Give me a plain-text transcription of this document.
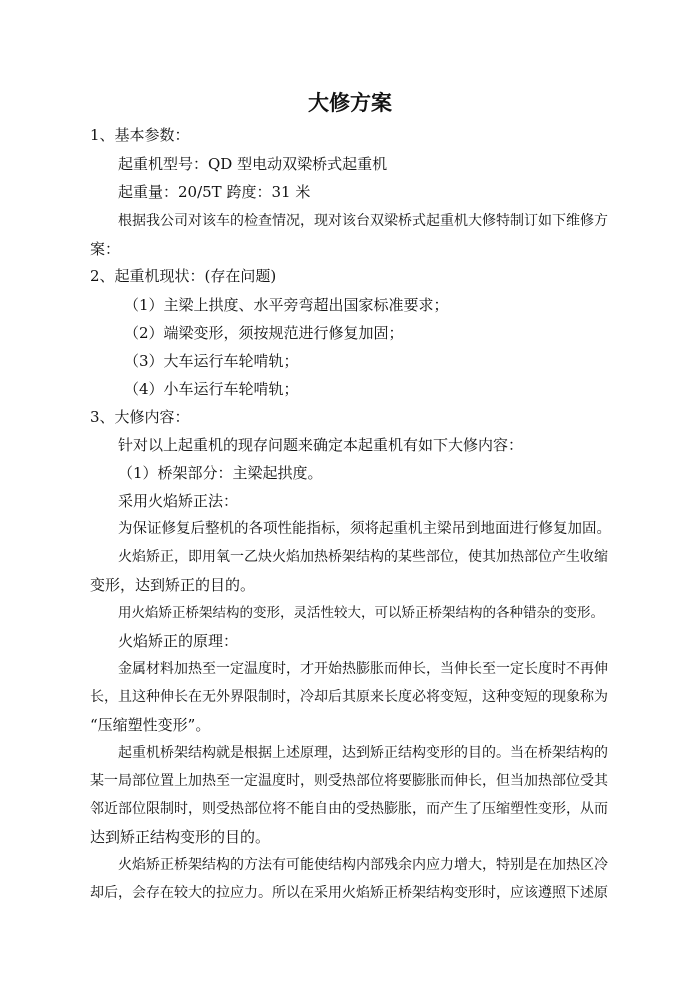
大修方案
1、基本参数：
起重机型号：QD 型电动双梁桥式起重机
起重量：20/5T 跨度：31 米
根据我公司对该车的检查情况，现对该台双梁桥式起重机大修特制订如下维修方
案：
2、起重机现状：(存在问题)
（1）主梁上拱度、水平旁弯超出国家标准要求；
（2）端梁变形，须按规范进行修复加固；
（3）大车运行车轮啃轨；
（4）小车运行车轮啃轨；
3、大修内容：
针对以上起重机的现存问题来确定本起重机有如下大修内容：
（1）桥架部分：主梁起拱度。
采用火焰矫正法：
为保证修复后整机的各项性能指标，须将起重机主梁吊到地面进行修复加固。
火焰矫正，即用氧一乙炔火焰加热桥架结构的某些部位，使其加热部位产生收缩
变形，达到矫正的目的。
用火焰矫正桥架结构的变形，灵活性较大，可以矫正桥架结构的各种错杂的变形。
火焰矫正的原理：
金属材料加热至一定温度时，才开始热膨胀而伸长，当伸长至一定长度时不再伸
长，且这种伸长在无外界限制时，冷却后其原来长度必将变短，这种变短的现象称为
“压缩塑性变形”。
起重机桥架结构就是根据上述原理，达到矫正结构变形的目的。当在桥架结构的
某一局部位置上加热至一定温度时，则受热部位将要膨胀而伸长，但当加热部位受其
邻近部位限制时，则受热部位将不能自由的受热膨胀，而产生了压缩塑性变形，从而
达到矫正结构变形的目的。
火焰矫正桥架结构的方法有可能使结构内部残余内应力增大，特别是在加热区冷
却后，会存在较大的拉应力。所以在采用火焰矫正桥架结构变形时，应该遵照下述原
